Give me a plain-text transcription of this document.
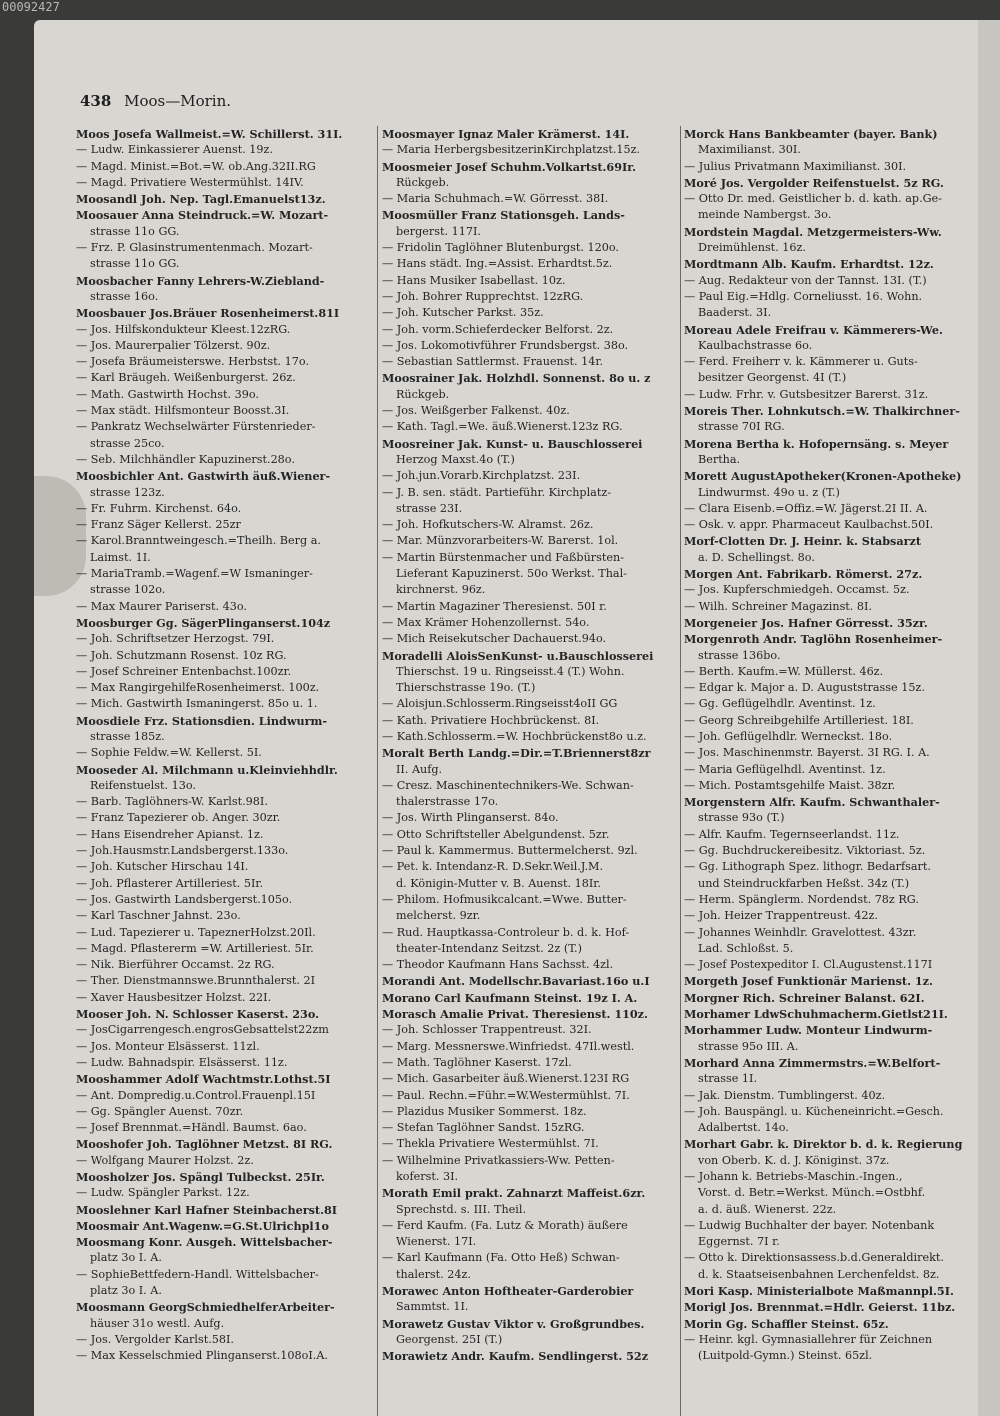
00092427
438 Moos—Morin.

Moos Josefa Wallmeist.=W. Schillerst. 31I.

— Ludw. Einkassierer Auenst. 19z.

— Magd. Minist.=Bot.=W. ob.Ang.32II.RG

— Magd. Privatiere Westermühlst. 14IV.

Moosandl Joh. Nep. Tagl.Emanuelst13z.

Moosauer Anna Steindruck.=W. Mozart-

strasse 11o GG.

— Frz. P. Glasinstrumentenmach. Mozart-

strasse 11o GG.

Moosbacher Fanny Lehrers-W.Ziebland-

strasse 16o.

Moosbauer Jos.Bräuer Rosenheimerst.81I

— Jos. Hilfskondukteur Kleest.12zRG.

— Jos. Maurerpalier Tölzerst. 90z.

— Josefa Bräumeisterswe. Herbstst. 17o.

— Karl Bräugeh. Weißenburgerst. 26z.

— Math. Gastwirth Hochst. 39o.

— Max städt. Hilfsmonteur Boosst.3I.

— Pankratz Wechselwärter Fürstenrieder-

strasse 25co.

— Seb. Milchhändler Kapuzinerst.28o.

Moosbichler Ant. Gastwirth äuß.Wiener-

strasse 123z.

— Fr. Fuhrm. Kirchenst. 64o.

— Franz Säger Kellerst. 25zr

— Karol.Branntweingesch.=Theilh. Berg a.

Laimst. 1I.

— MariaTramb.=Wagenf.=W Ismaninger-

strasse 102o.

— Max Maurer Pariserst. 43o.

Moosburger Gg. SägerPlinganserst.104z

— Joh. Schriftsetzer Herzogst. 79I.

— Joh. Schutzmann Rosenst. 10z RG.

— Josef Schreiner Entenbachst.100zr.

— Max RangirgehilfeRosenheimerst. 100z.

— Mich. Gastwirth Ismaningerst. 85o u. 1.

Moosdiele Frz. Stationsdien. Lindwurm-

strasse 185z.

— Sophie Feldw.=W. Kellerst. 5I.

Mooseder Al. Milchmann u.Kleinviehhdlr.

Reifenstuelst. 13o.

— Barb. Taglöhners-W. Karlst.98I.

— Franz Tapezierer ob. Anger. 30zr.

— Hans Eisendreher Apianst. 1z.

— Joh.Hausmstr.Landsbergerst.133o.

— Joh. Kutscher Hirschau 14I.

— Joh. Pflasterer Artilleriest. 5Ir.

— Jos. Gastwirth Landsbergerst.105o.

— Karl Taschner Jahnst. 23o.

— Lud. Tapezierer u. TapeznerHolzst.20Il.

— Magd. Pflastererm =W. Artilleriest. 5Ir.

— Nik. Bierführer Occamst. 2z RG.

— Ther. Dienstmannswe.Brunnthalerst. 2I

— Xaver Hausbesitzer Holzst. 22I.

Mooser Joh. N. Schlosser Kaserst. 23o.

— JosCigarrengesch.engrosGebsattelst22zm

— Jos. Monteur Elsässerst. 11zl.

— Ludw. Bahnadspir. Elsässerst. 11z.

Mooshammer Adolf Wachtmstr.Lothst.5I

— Ant. Dompredig.u.Control.Frauenpl.15I

— Gg. Spängler Auenst. 70zr.

— Josef Brennmat.=Händl. Baumst. 6ao.

Mooshofer Joh. Taglöhner Metzst. 8I RG.

— Wolfgang Maurer Holzst. 2z.

Moosholzer Jos. Spängl Tulbeckst. 25Ir.

— Ludw. Spängler Parkst. 12z.

Mooslehner Karl Hafner Steinbacherst.8I

Moosmair Ant.Wagenw.=G.St.Ulrichpl1o

Moosmang Konr. Ausgeh. Wittelsbacher-

platz 3o I. A.

— SophieBettfedern-Handl. Wittelsbacher-

platz 3o I. A.

Moosmann GeorgSchmiedhelferArbeiter-

häuser 31o westl. Aufg.

— Jos. Vergolder Karlst.58I.

— Max Kesselschmied Plinganserst.108oI.A.

Moosmayer Ignaz Maler Krämerst. 14I.

— Maria HerbergsbesitzerinKirchplatzst.15z.

Moosmeier Josef Schuhm.Volkartst.69Ir.

Rückgeb.

— Maria Schuhmach.=W. Görresst. 38I.

Moosmüller Franz Stationsgeh. Lands-

bergerst. 117I.

— Fridolin Taglöhner Blutenburgst. 120o.

— Hans städt. Ing.=Assist. Erhardtst.5z.

— Hans Musiker Isabellast. 10z.

— Joh. Bohrer Rupprechtst. 12zRG.

— Joh. Kutscher Parkst. 35z.

— Joh. vorm.Schieferdecker Belforst. 2z.

— Jos. Lokomotivführer Frundsbergst. 38o.

— Sebastian Sattlermst. Frauenst. 14r.

Moosrainer Jak. Holzhdl. Sonnenst. 8o u. z

Rückgeb.

— Jos. Weißgerber Falkenst. 40z.

— Kath. Tagl.=We. äuß.Wienerst.123z RG.

Moosreiner Jak. Kunst- u. Bauschlosserei

Herzog Maxst.4o (T.)

— Joh.jun.Vorarb.Kirchplatzst. 23I.

— J. B. sen. städt. Partieführ. Kirchplatz-

strasse 23I.

— Joh. Hofkutschers-W. Alramst. 26z.

— Mar. Münzvorarbeiters-W. Barerst. 1ol.

— Martin Bürstenmacher und Faßbürsten-

Lieferant Kapuzinerst. 50o Werkst. Thal-

kirchnerst. 96z.

— Martin Magaziner Theresienst. 50I r.

— Max Krämer Hohenzollernst. 54o.

— Mich Reisekutscher Dachauerst.94o.

Moradelli AloisSenKunst- u.Bauschlosserei

Thierschst. 19 u. Ringseisst.4 (T.) Wohn.

Thierschstrasse 19o. (T.)

— Aloisjun.Schlosserm.Ringseisst4oII GG

— Kath. Privatiere Hochbrückenst. 8I.

— Kath.Schlosserm.=W. Hochbrückenst8o u.z.

Moralt Berth Landg.=Dir.=T.Briennerst8zr

II. Aufg.

— Cresz. Maschinentechnikers-We. Schwan-

thalerstrasse 17o.

— Jos. Wirth Plinganserst. 84o.

— Otto Schriftsteller Abelgundenst. 5zr.

— Paul k. Kammermus. Buttermelcherst. 9zl.

— Pet. k. Intendanz-R. D.Sekr.Weil.J.M.

d. Königin-Mutter v. B. Auenst. 18Ir.

— Philom. Hofmusikcalcant.=Wwe. Butter-

melcherst. 9zr.

— Rud. Hauptkassa-Controleur b. d. k. Hof-

theater-Intendanz Seitzst. 2z (T.)

— Theodor Kaufmann Hans Sachsst. 4zl.

Morandi Ant. Modellschr.Bavariast.16o u.I

Morano Carl Kaufmann Steinst. 19z I. A.

Morasch Amalie Privat. Theresienst. 110z.

— Joh. Schlosser Trappentreust. 32I.

— Marg. Messnerswe.Winfriedst. 47Il.westl.

— Math. Taglöhner Kaserst. 17zl.

— Mich. Gasarbeiter äuß.Wienerst.123I RG

— Paul. Rechn.=Führ.=W.Westermühlst. 7I.

— Plazidus Musiker Sommerst. 18z.

— Stefan Taglöhner Sandst. 15zRG.

— Thekla Privatiere Westermühlst. 7I.

— Wilhelmine Privatkassiers-Ww. Petten-

koferst. 3I.

Morath Emil prakt. Zahnarzt Maffeist.6zr.

Sprechstd. s. III. Theil.

— Ferd Kaufm. (Fa. Lutz & Morath) äußere

Wienerst. 17I.

— Karl Kaufmann (Fa. Otto Heß) Schwan-

thalerst. 24z.

Morawec Anton Hoftheater-Garderobier

Sammtst. 1I.

Morawetz Gustav Viktor v. Großgrundbes.

Georgenst. 25I (T.)

Morawietz Andr. Kaufm. Sendlingerst. 52z

Morck Hans Bankbeamter (bayer. Bank)

Maximilianst. 30I.

— Julius Privatmann Maximilianst. 30I.

Moré Jos. Vergolder Reifenstuelst. 5z RG.

— Otto Dr. med. Geistlicher b. d. kath. ap.Ge-

meinde Nambergst. 3o.

Mordstein Magdal. Metzgermeisters-Ww.

Dreimühlenst. 16z.

Mordtmann Alb. Kaufm. Erhardtst. 12z.

— Aug. Redakteur von der Tannst. 13I. (T.)

— Paul Eig.=Hdlg. Corneliusst. 16. Wohn.

Baaderst. 3I.

Moreau Adele Freifrau v. Kämmerers-We.

Kaulbachstrasse 6o.

— Ferd. Freiherr v. k. Kämmerer u. Guts-

besitzer Georgenst. 4I (T.)

— Ludw. Frhr. v. Gutsbesitzer Barerst. 31z.

Moreis Ther. Lohnkutsch.=W. Thalkirchner-

strasse 70I RG.

Morena Bertha k. Hofopernsäng. s. Meyer

Bertha.

Morett AugustApotheker(Kronen-Apotheke)

Lindwurmst. 49o u. z (T.)

— Clara Eisenb.=Offiz.=W. Jägerst.2I II. A.

— Osk. v. appr. Pharmaceut Kaulbachst.50I.

Morf-Clotten Dr. J. Heinr. k. Stabsarzt

a. D. Schellingst. 8o.

Morgen Ant. Fabrikarb. Römerst. 27z.

— Jos. Kupferschmiedgeh. Occamst. 5z.

— Wilh. Schreiner Magazinst. 8I.

Morgeneier Jos. Hafner Görresst. 35zr.

Morgenroth Andr. Taglöhn Rosenheimer-

strasse 136bo.

— Berth. Kaufm.=W. Müllerst. 46z.

— Edgar k. Major a. D. Auguststrasse 15z.

— Gg. Geflügelhdlr. Aventinst. 1z.

— Georg Schreibgehilfe Artilleriest. 18I.

— Joh. Geflügelhdlr. Werneckst. 18o.

— Jos. Maschinenmstr. Bayerst. 3I RG. I. A.

— Maria Geflügelhdl. Aventinst. 1z.

— Mich. Postamtsgehilfe Maist. 38zr.

Morgenstern Alfr. Kaufm. Schwanthaler-

strasse 93o (T.)

— Alfr. Kaufm. Tegernseerlandst. 11z.

— Gg. Buchdruckereibesitz. Viktoriast. 5z.

— Gg. Lithograph Spez. lithogr. Bedarfsart.

und Steindruckfarben Heßst. 34z (T.)

— Herm. Spänglerm. Nordendst. 78z RG.

— Joh. Heizer Trappentreust. 42z.

— Johannes Weinhdlr. Gravelottest. 43zr.

Lad. Schloßst. 5.

— Josef Postexpeditor I. Cl.Augustenst.117I

Morgeth Josef Funktionär Marienst. 1z.

Morgner Rich. Schreiner Balanst. 62I.

Morhamer LdwSchuhmacherm.Gietlst21I.

Morhammer Ludw. Monteur Lindwurm-

strasse 95o III. A.

Morhard Anna Zimmermstrs.=W.Belfort-

strasse 1I.

— Jak. Dienstm. Tumblingerst. 40z.

— Joh. Bauspängl. u. Kücheneinricht.=Gesch.

Adalbertst. 14o.

Morhart Gabr. k. Direktor b. d. k. Regierung

von Oberb. K. d. J. Königinst. 37z.

— Johann k. Betriebs-Maschin.-Ingen.,

Vorst. d. Betr.=Werkst. Münch.=Ostbhf.

a. d. äuß. Wienerst. 22z.

— Ludwig Buchhalter der bayer. Notenbank

Eggernst. 7I r.

— Otto k. Direktionsassess.b.d.Generaldirekt.

d. k. Staatseisenbahnen Lerchenfeldst. 8z.

Mori Kasp. Ministerialbote Maßmannpl.5I.

Morigl Jos. Brennmat.=Hdlr. Geierst. 11bz.

Morin Gg. Schaffler Steinst. 65z.

— Heinr. kgl. Gymnasiallehrer für Zeichnen

(Luitpold-Gymn.) Steinst. 65zl.
